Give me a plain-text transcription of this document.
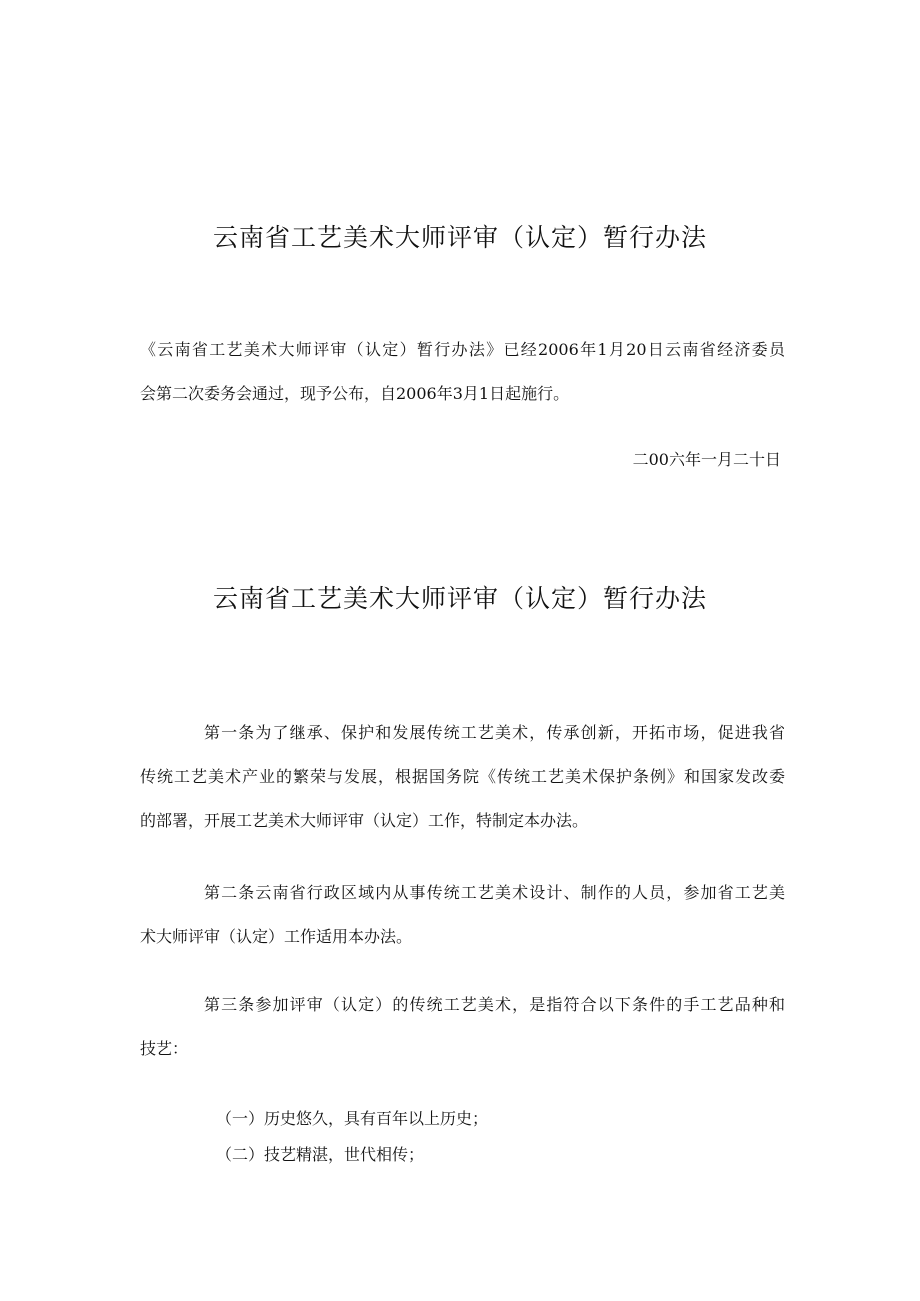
云南省工艺美术大师评审（认定）暂行办法
《云南省工艺美术大师评审（认定）暂行办法》已经2006年1月20日云南省经济委员
会第二次委务会通过，现予公布，自2006年3月1日起施行。
二00六年一月二十日
云南省工艺美术大师评审（认定）暂行办法
第一条为了继承、保护和发展传统工艺美术，传承创新，开拓市场，促进我省
传统工艺美术产业的繁荣与发展，根据国务院《传统工艺美术保护条例》和国家发改委
的部署，开展工艺美术大师评审（认定）工作，特制定本办法。
第二条云南省行政区域内从事传统工艺美术设计、制作的人员，参加省工艺美
术大师评审（认定）工作适用本办法。
第三条参加评审（认定）的传统工艺美术，是指符合以下条件的手工艺品种和
技艺：
（一）历史悠久，具有百年以上历史；
（二）技艺精湛，世代相传；
